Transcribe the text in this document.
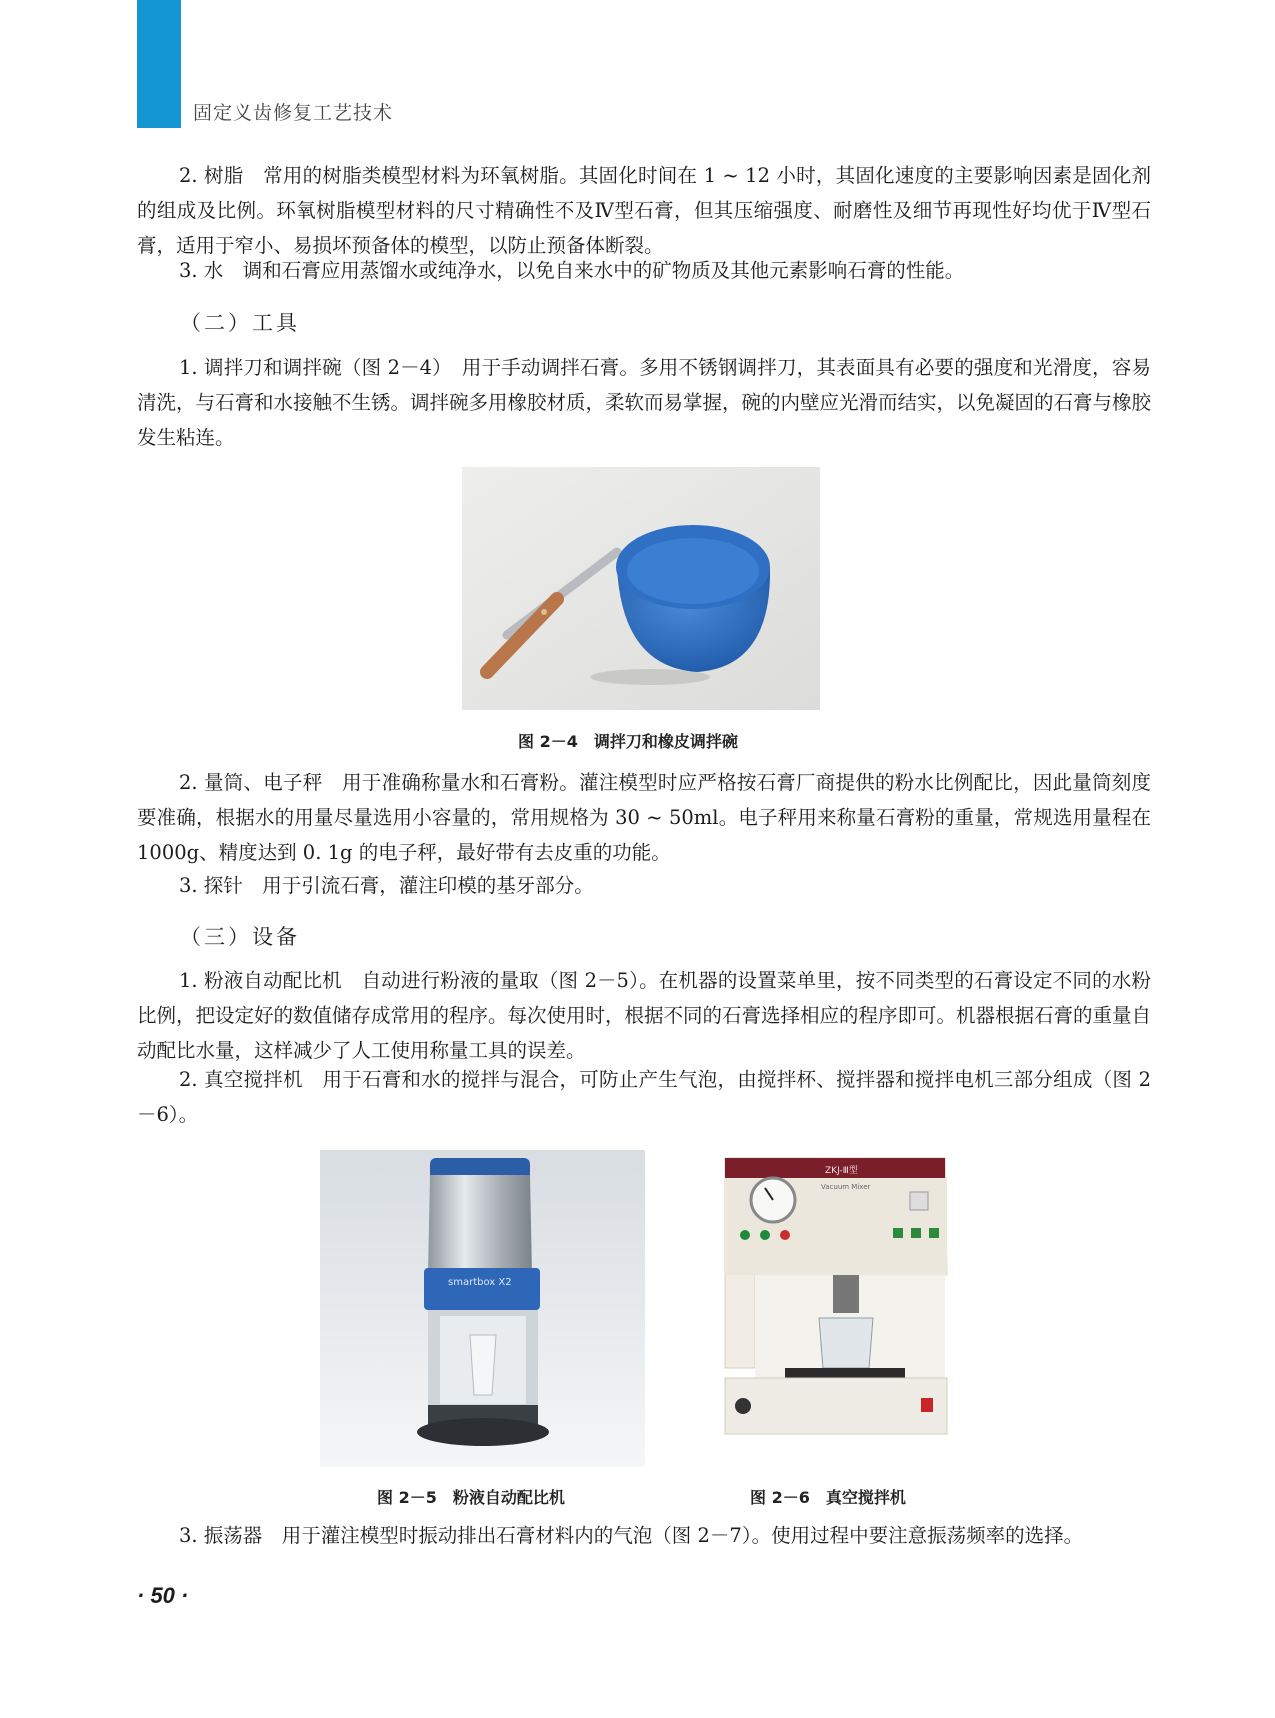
固定义齿修复工艺技术

2. 树脂　常用的树脂类模型材料为环氧树脂。其固化时间在 1 ~ 12 小时，其固化速度的主要影响因素是固化剂的组成及比例。环氧树脂模型材料的尺寸精确性不及Ⅳ型石膏，但其压缩强度、耐磨性及细节再现性好均优于Ⅳ型石膏，适用于窄小、易损坏预备体的模型，以防止预备体断裂。

3. 水　调和石膏应用蒸馏水或纯净水，以免自来水中的矿物质及其他元素影响石膏的性能。

（二）工具

1. 调拌刀和调拌碗（图 2－4）　用于手动调拌石膏。多用不锈钢调拌刀，其表面具有必要的强度和光滑度，容易清洗，与石膏和水接触不生锈。调拌碗多用橡胶材质，柔软而易掌握，碗的内壁应光滑而结实，以免凝固的石膏与橡胶发生粘连。

图 2－4　调拌刀和橡皮调拌碗

2. 量筒、电子秤　用于准确称量水和石膏粉。灌注模型时应严格按石膏厂商提供的粉水比例配比，因此量筒刻度要准确，根据水的用量尽量选用小容量的，常用规格为 30 ~ 50ml。电子秤用来称量石膏粉的重量，常规选用量程在 1000g、精度达到 0. 1g 的电子秤，最好带有去皮重的功能。

3. 探针　用于引流石膏，灌注印模的基牙部分。

（三）设备

1. 粉液自动配比机　自动进行粉液的量取（图 2－5）。在机器的设置菜单里，按不同类型的石膏设定不同的水粉比例，把设定好的数值储存成常用的程序。每次使用时，根据不同的石膏选择相应的程序即可。机器根据石膏的重量自动配比水量，这样减少了人工使用称量工具的误差。

2. 真空搅拌机　用于石膏和水的搅拌与混合，可防止产生气泡，由搅拌杯、搅拌器和搅拌电机三部分组成（图 2－6）。

smartbox X2
图 2－5　粉液自动配比机
ZKJ-Ⅲ型
Vacuum Mixer
图 2－6　真空搅拌机

3. 振荡器　用于灌注模型时振动排出石膏材料内的气泡（图 2－7）。使用过程中要注意振荡频率的选择。

· 50 ·
